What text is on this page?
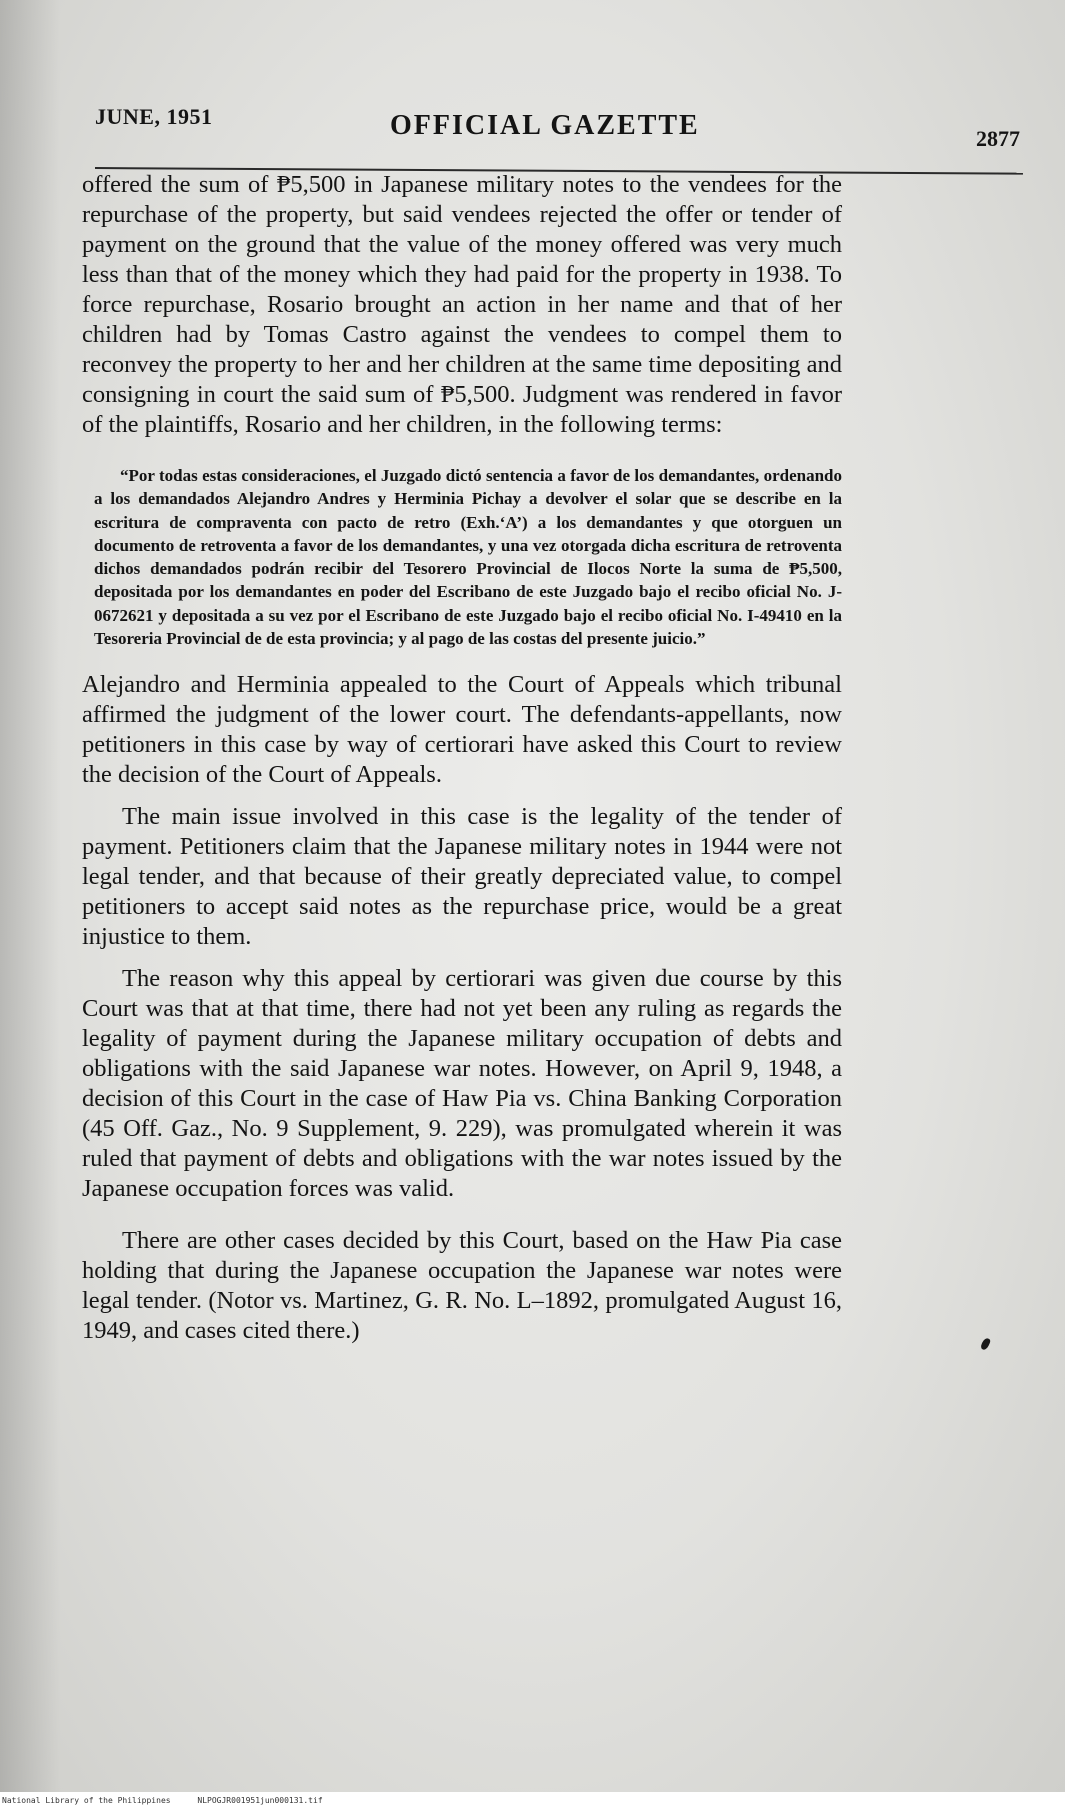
JUNE, 1951	OFFICIAL GAZETTE	2877

offered the sum of ₱5,500 in Japanese military notes to the vendees for the repurchase of the property, but said vendees rejected the offer or tender of payment on the ground that the value of the money offered was very much less than that of the money which they had paid for the property in 1938. To force repurchase, Rosario brought an action in her name and that of her children had by Tomas Castro against the vendees to compel them to reconvey the property to her and her children at the same time depositing and consigning in court the said sum of ₱5,500. Judgment was rendered in favor of the plaintiffs, Rosario and her children, in the following terms:

“Por todas estas consideraciones, el Juzgado dictó sentencia a favor de los demandantes, ordenando a los demandados Alejandro Andres y Herminia Pichay a devolver el solar que se describe en la escritura de compraventa con pacto de retro (Exh.‘A’) a los demandantes y que otorguen un documento de retroventa a favor de los demandantes, y una vez otorgada dicha escritura de retroventa dichos demandados podrán recibir del Tesorero Provincial de Ilocos Norte la suma de ₱5,500, depositada por los demandantes en poder del Escribano de este Juzgado bajo el recibo oficial No. J-0672621 y depositada a su vez por el Escribano de este Juzgado bajo el recibo oficial No. I-49410 en la Tesoreria Provincial de de esta provincia; y al pago de las costas del presente juicio.”

Alejandro and Herminia appealed to the Court of Appeals which tribunal affirmed the judgment of the lower court. The defendants-appellants, now petitioners in this case by way of certiorari have asked this Court to review the decision of the Court of Appeals.

The main issue involved in this case is the legality of the tender of payment. Petitioners claim that the Japanese military notes in 1944 were not legal tender, and that because of their greatly depreciated value, to compel petitioners to accept said notes as the repurchase price, would be a great injustice to them.

The reason why this appeal by certiorari was given due course by this Court was that at that time, there had not yet been any ruling as regards the legality of payment during the Japanese military occupation of debts and obligations with the said Japanese war notes. However, on April 9, 1948, a decision of this Court in the case of Haw Pia vs. China Banking Corporation (45 Off. Gaz., No. 9 Supplement, 9. 229), was promulgated wherein it was ruled that payment of debts and obligations with the war notes issued by the Japanese occupation forces was valid.

There are other cases decided by this Court, based on the Haw Pia case holding that during the Japanese occupation the Japanese war notes were legal tender. (Notor vs. Martinez, G. R. No. L–1892, promulgated August 16, 1949, and cases cited there.)

National Library of the Philippines	NLPOGJR001951jun000131.tif
